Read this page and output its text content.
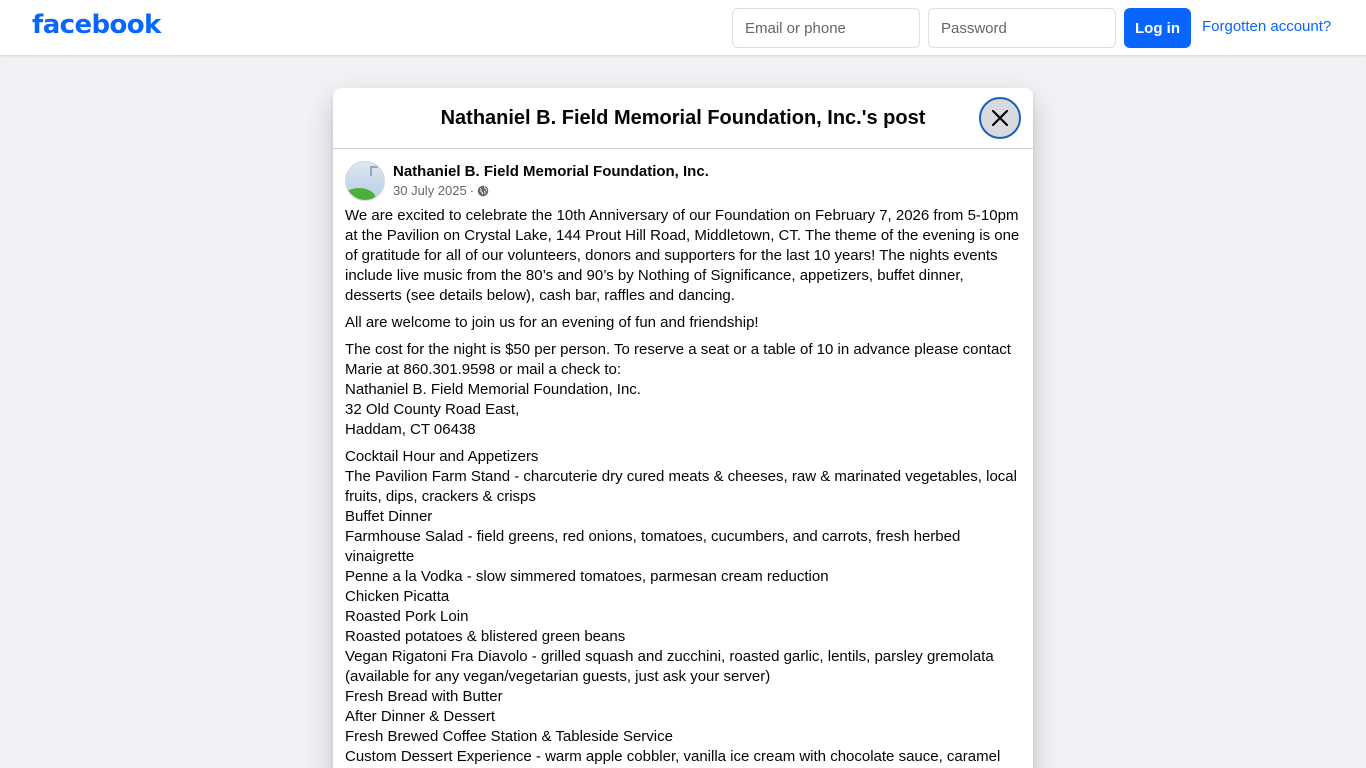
facebook
Email or phone	Log in	Forgotten account?
Nathaniel B. Field Memorial Foundation, Inc.'s post
Nathaniel B. Field Memorial Foundation, Inc.
30 July 2025 ·

We are excited to celebrate the 10th Anniversary of our Foundation on February 7, 2026 from 5-10pm at the Pavilion on Crystal Lake, 144 Prout Hill Road, Middletown, CT. The theme of the evening is one of gratitude for all of our volunteers, donors and supporters for the last 10 years! The nights events include live music from the 80’s and 90’s by Nothing of Significance, appetizers, buffet dinner, desserts (see details below), cash bar, raffles and dancing.

All are welcome to join us for an evening of fun and friendship!

The cost for the night is $50 per person. To reserve a seat or a table of 10 in advance please contact Marie at 860.301.9598 or mail a check to:
Nathaniel B. Field Memorial Foundation, Inc.
32 Old County Road East,
Haddam, CT 06438

Cocktail Hour and Appetizers
The Pavilion Farm Stand - charcuterie dry cured meats & cheeses, raw & marinated vegetables, local fruits, dips, crackers & crisps
Buffet Dinner
Farmhouse Salad - field greens, red onions, tomatoes, cucumbers, and carrots, fresh herbed vinaigrette
Penne a la Vodka - slow simmered tomatoes, parmesan cream reduction
Chicken Picatta
Roasted Pork Loin
Roasted potatoes & blistered green beans
Vegan Rigatoni Fra Diavolo - grilled squash and zucchini, roasted garlic, lentils, parsley gremolata (available for any vegan/vegetarian guests, just ask your server)
Fresh Bread with Butter
After Dinner & Dessert
Fresh Brewed Coffee Station & Tableside Service
Custom Dessert Experience - warm apple cobbler, vanilla ice cream with chocolate sauce, caramel
